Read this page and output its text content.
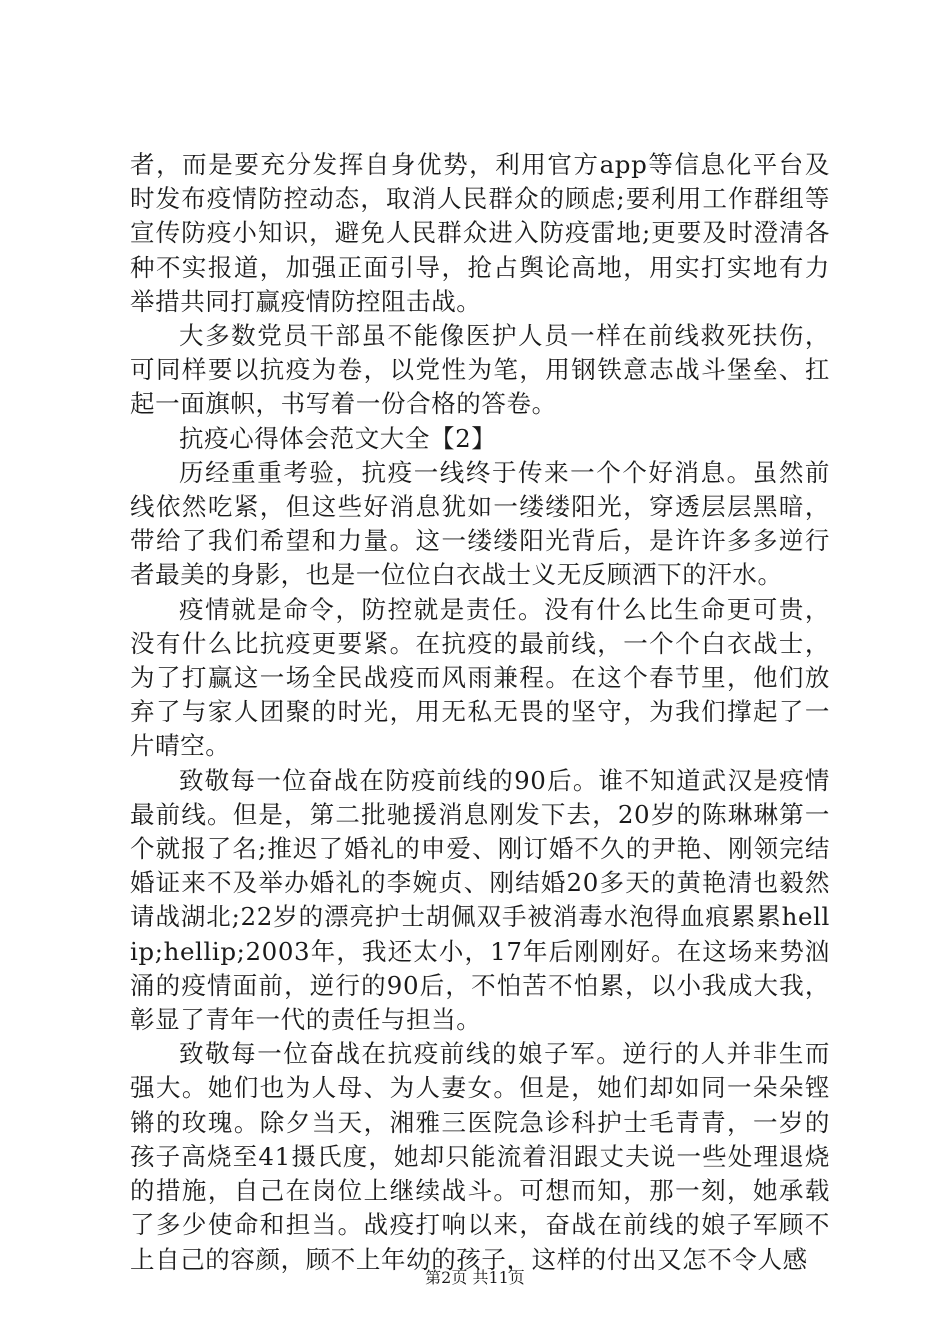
者，而是要充分发挥自身优势，利用官方app等信息化平台及时发布疫情防控动态，取消人民群众的顾虑;要利用工作群组等宣传防疫小知识，避免人民群众进入防疫雷地;更要及时澄清各种不实报道，加强正面引导，抢占舆论高地，用实打实地有力举措共同打赢疫情防控阻击战。

大多数党员干部虽不能像医护人员一样在前线救死扶伤，可同样要以抗疫为卷，以党性为笔，用钢铁意志战斗堡垒、扛起一面旗帜，书写着一份合格的答卷。

抗疫心得体会范文大全【2】

历经重重考验，抗疫一线终于传来一个个好消息。虽然前线依然吃紧，但这些好消息犹如一缕缕阳光，穿透层层黑暗，带给了我们希望和力量。这一缕缕阳光背后，是许许多多逆行者最美的身影，也是一位位白衣战士义无反顾洒下的汗水。

疫情就是命令，防控就是责任。没有什么比生命更可贵，没有什么比抗疫更要紧。在抗疫的最前线，一个个白衣战士，为了打赢这一场全民战疫而风雨兼程。在这个春节里，他们放弃了与家人团聚的时光，用无私无畏的坚守，为我们撑起了一片晴空。

致敬每一位奋战在防疫前线的90后。谁不知道武汉是疫情最前线。但是，第二批驰援消息刚发下去，20岁的陈琳琳第一个就报了名;推迟了婚礼的申爱、刚订婚不久的尹艳、刚领完结婚证来不及举办婚礼的李婉贞、刚结婚20多天的黄艳清也毅然请战湖北;22岁的漂亮护士胡佩双手被消毒水泡得血痕累累hellip;hellip;2003年，我还太小，17年后刚刚好。在这场来势汹涌的疫情面前，逆行的90后，不怕苦不怕累，以小我成大我，彰显了青年一代的责任与担当。

致敬每一位奋战在抗疫前线的娘子军。逆行的人并非生而强大。她们也为人母、为人妻女。但是，她们却如同一朵朵铿锵的玫瑰。除夕当天，湘雅三医院急诊科护士毛青青，一岁的孩子高烧至41摄氏度，她却只能流着泪跟丈夫说一些处理退烧的措施，自己在岗位上继续战斗。可想而知，那一刻，她承载了多少使命和担当。战疫打响以来，奋战在前线的娘子军顾不上自己的容颜，顾不上年幼的孩子，这样的付出又怎不令人感

第2页 共11页
